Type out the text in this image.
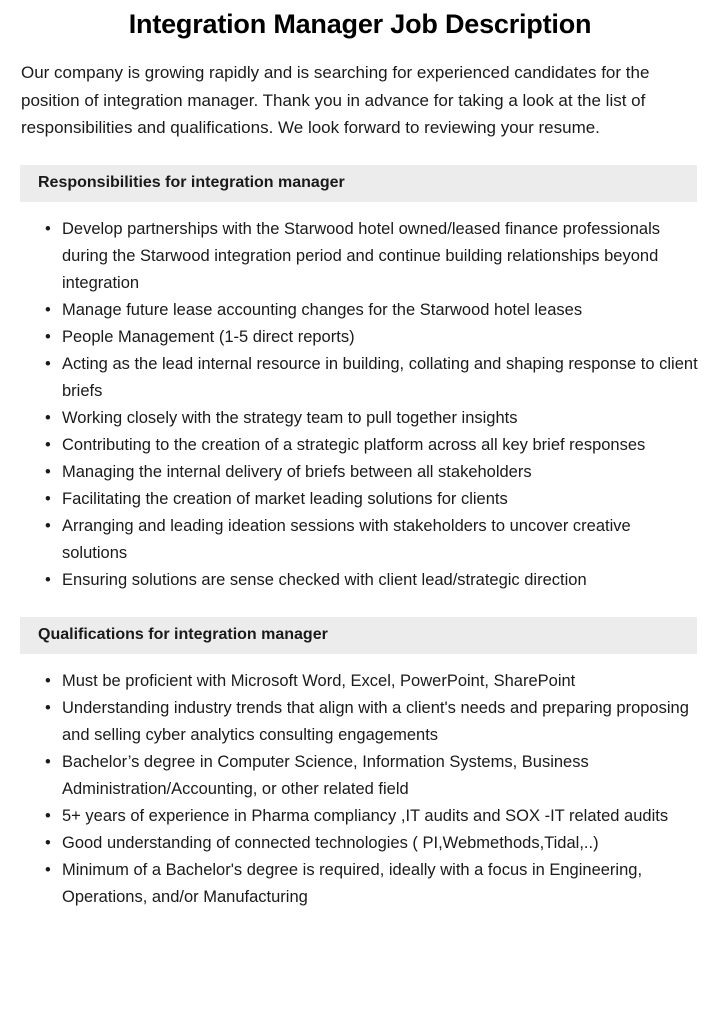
Integration Manager Job Description

Our company is growing rapidly and is searching for experienced candidates for the position of integration manager. Thank you in advance for taking a look at the list of responsibilities and qualifications. We look forward to reviewing your resume.

Responsibilities for integration manager
• Develop partnerships with the Starwood hotel owned/leased finance professionals during the Starwood integration period and continue building relationships beyond integration
• Manage future lease accounting changes for the Starwood hotel leases
• People Management (1-5 direct reports)
• Acting as the lead internal resource in building, collating and shaping response to client briefs
• Working closely with the strategy team to pull together insights
• Contributing to the creation of a strategic platform across all key brief responses
• Managing the internal delivery of briefs between all stakeholders
• Facilitating the creation of market leading solutions for clients
• Arranging and leading ideation sessions with stakeholders to uncover creative solutions
• Ensuring solutions are sense checked with client lead/strategic direction
Qualifications for integration manager
• Must be proficient with Microsoft Word, Excel, PowerPoint, SharePoint
• Understanding industry trends that align with a client's needs and preparing proposing and selling cyber analytics consulting engagements
• Bachelor’s degree in Computer Science, Information Systems, Business Administration/Accounting, or other related field
• 5+ years of experience in Pharma compliancy ,IT audits and SOX -IT related audits
• Good understanding of connected technologies ( PI,Webmethods,Tidal,..)
• Minimum of a Bachelor's degree is required, ideally with a focus in Engineering, Operations, and/or Manufacturing
